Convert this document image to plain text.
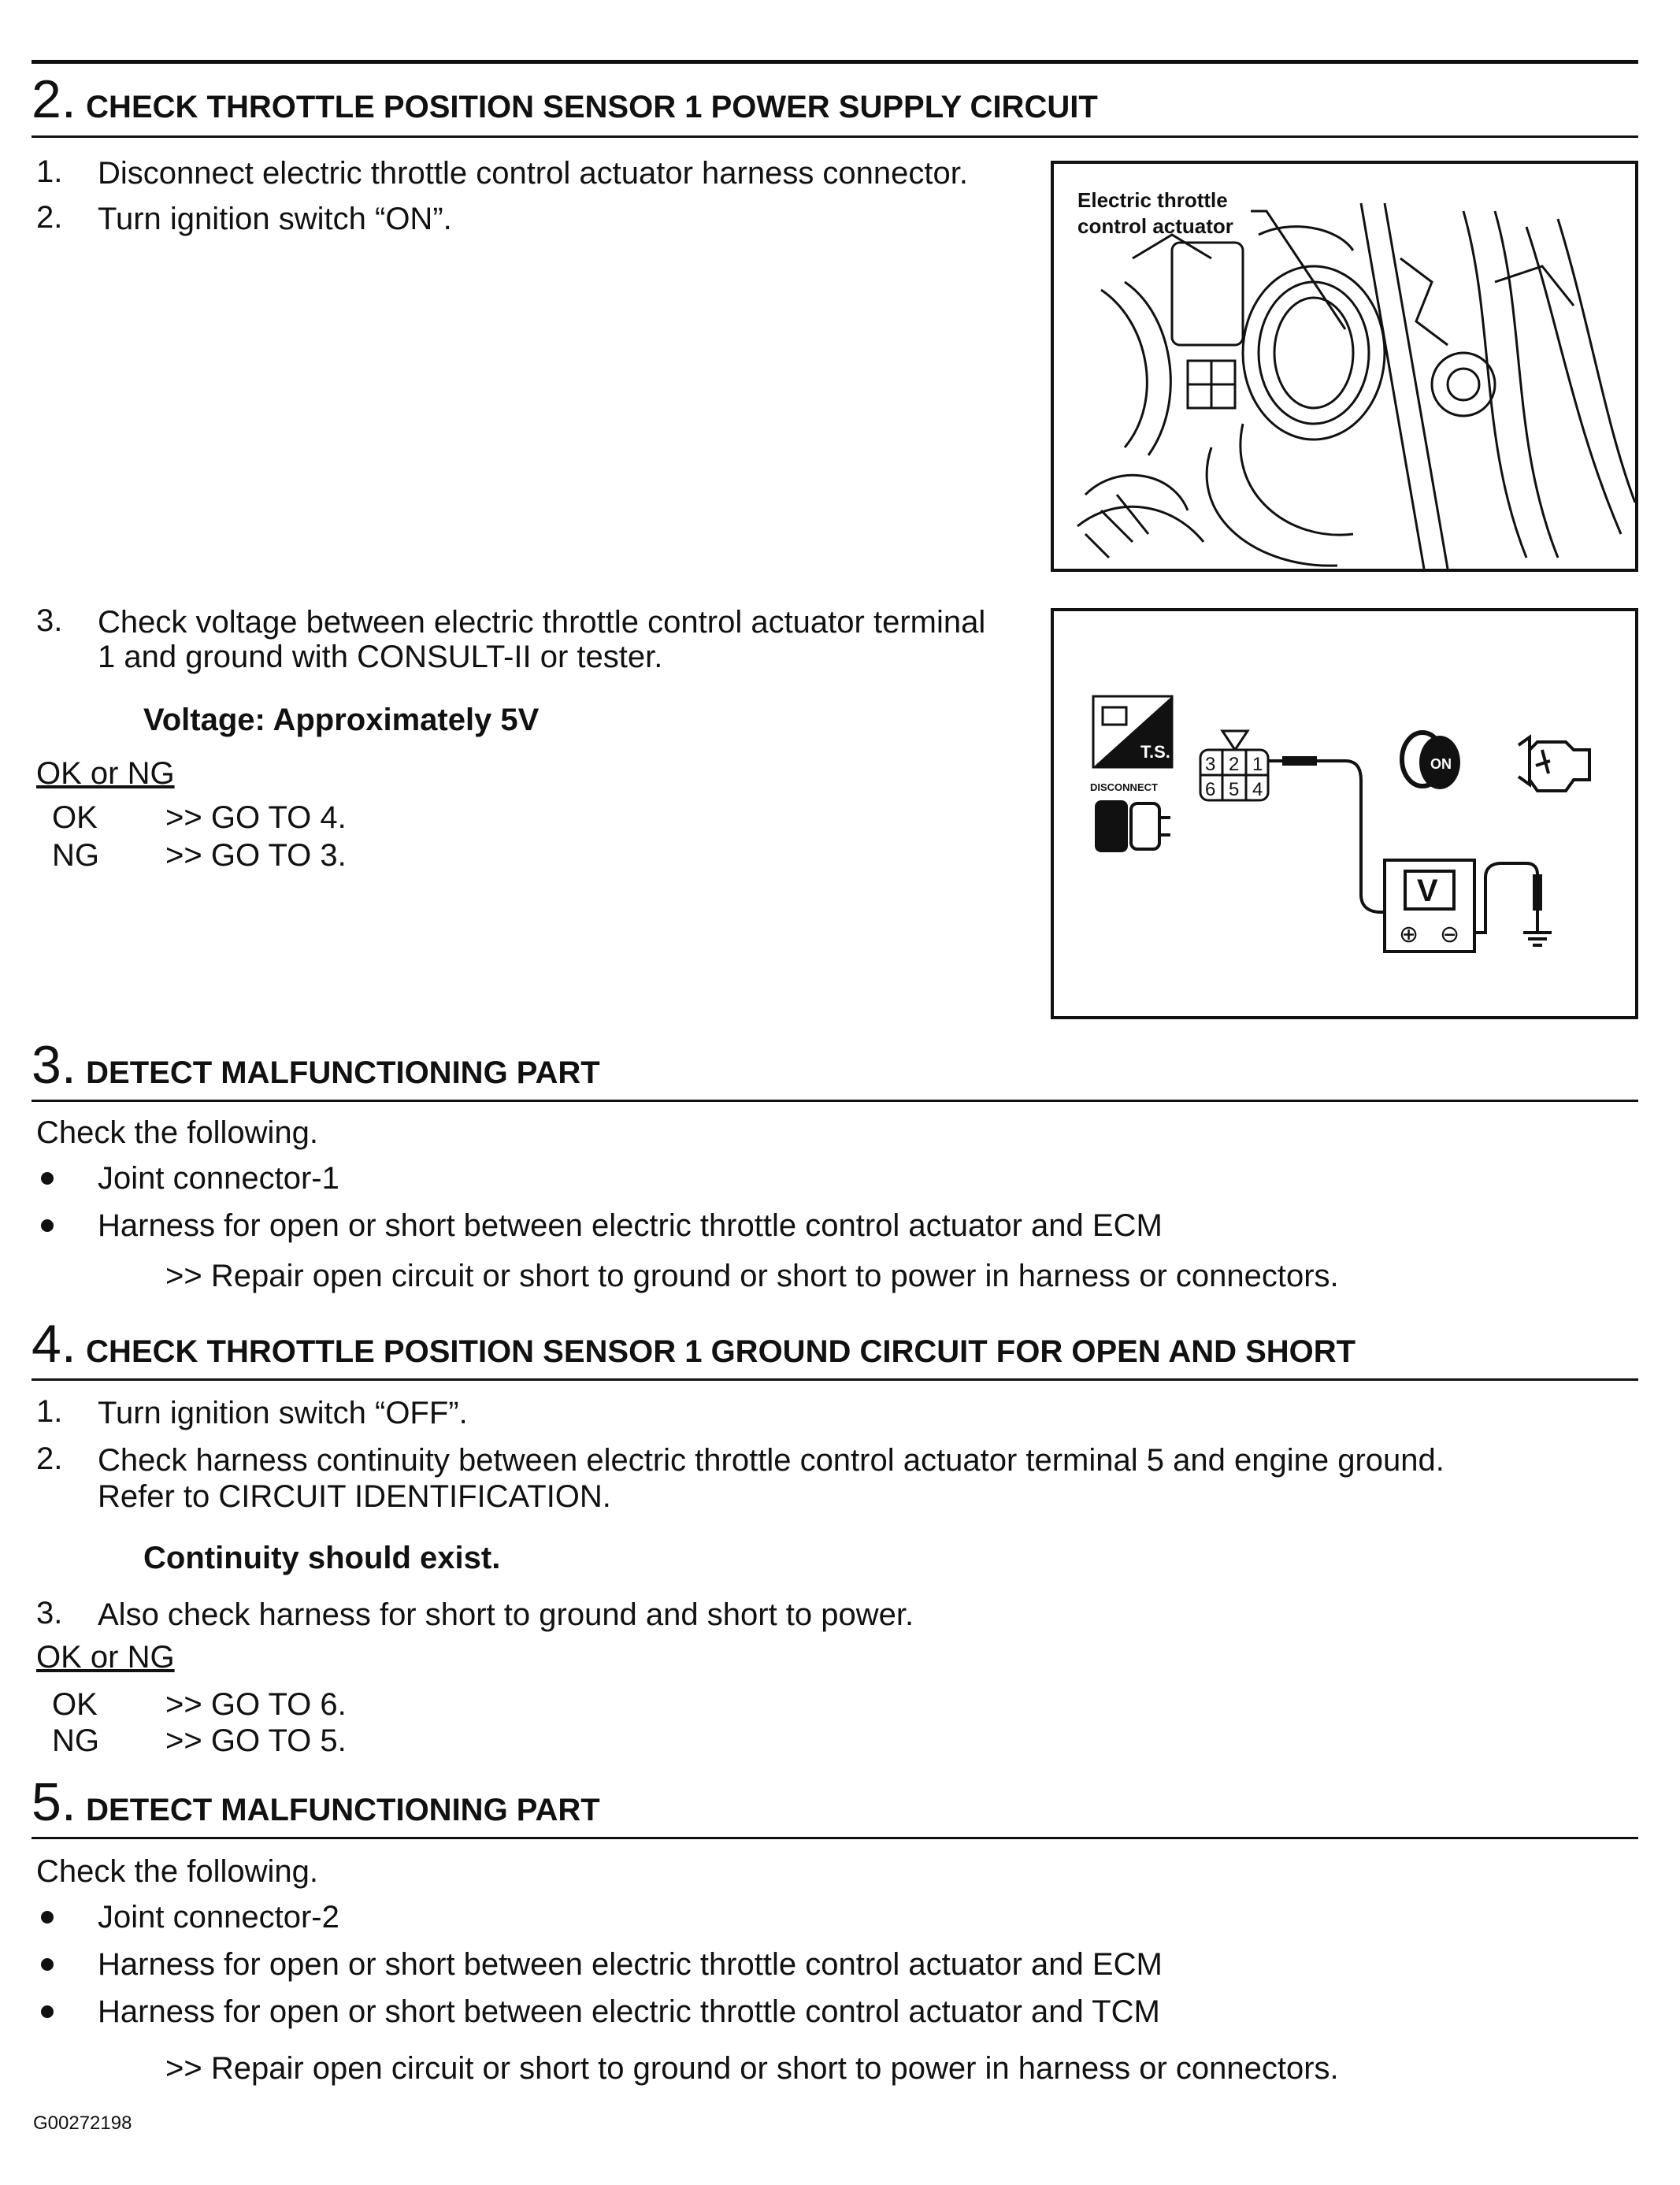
2. CHECK THROTTLE POSITION SENSOR 1 POWER SUPPLY CIRCUIT
1. Disconnect electric throttle control actuator harness connector.
2. Turn ignition switch “ON”.
Electric throttle
control actuator
3. Check voltage between electric throttle control actuator terminal
1 and ground with CONSULT-II or tester.
Voltage: Approximately 5V
OK or NG
OK >> GO TO 4.
NG >> GO TO 3.
T.S.
DISCONNECT
3 2 1
6 5 4
ON
V
⊕ ⊖
3. DETECT MALFUNCTIONING PART
Check the following.
Joint connector-1
Harness for open or short between electric throttle control actuator and ECM
>> Repair open circuit or short to ground or short to power in harness or connectors.
4. CHECK THROTTLE POSITION SENSOR 1 GROUND CIRCUIT FOR OPEN AND SHORT
1. Turn ignition switch “OFF”.
2. Check harness continuity between electric throttle control actuator terminal 5 and engine ground.
Refer to CIRCUIT IDENTIFICATION.
Continuity should exist.
3. Also check harness for short to ground and short to power.
OK or NG
OK >> GO TO 6.
NG >> GO TO 5.
5. DETECT MALFUNCTIONING PART
Check the following.
Joint connector-2
Harness for open or short between electric throttle control actuator and ECM
Harness for open or short between electric throttle control actuator and TCM
>> Repair open circuit or short to ground or short to power in harness or connectors.
G00272198
